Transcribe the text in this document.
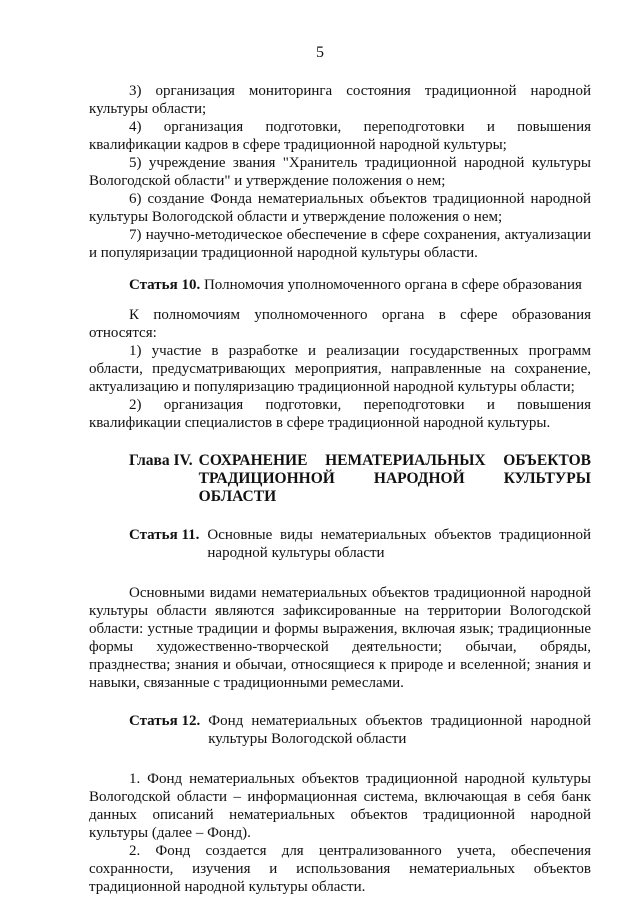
5

3) организация мониторинга состояния традиционной народной культуры области;

4) организация подготовки, переподготовки и повышения квалификации кадров в сфере традиционной народной культуры;

5) учреждение звания "Хранитель традиционной народной культуры Вологодской области" и утверждение положения о нем;

6) создание Фонда нематериальных объектов традиционной народной культуры Вологодской области и утверждение положения о нем;

7) научно-методическое обеспечение в сфере сохранения, актуализации и популяризации традиционной народной культуры области.

Статья 10. Полномочия уполномоченного органа в сфере образования

К полномочиям уполномоченного органа в сфере образования относятся:

1) участие в разработке и реализации государственных программ области, предусматривающих мероприятия, направленные на сохранение, актуализацию и популяризацию традиционной народной культуры области;

2) организация подготовки, переподготовки и повышения квалификации специалистов в сфере традиционной народной культуры.

Глава IV. СОХРАНЕНИЕ НЕМАТЕРИАЛЬНЫХ ОБЪЕКТОВ ТРАДИЦИОННОЙ НАРОДНОЙ КУЛЬТУРЫ ОБЛАСТИ
Статья 11. Основные виды нематериальных объектов традиционной народной культуры области

Основными видами нематериальных объектов традиционной народной культуры области являются зафиксированные на территории Вологодской области: устные традиции и формы выражения, включая язык; традиционные формы художественно-творческой деятельности; обычаи, обряды, празднества; знания и обычаи, относящиеся к природе и вселенной; знания и навыки, связанные с традиционными ремеслами.

Статья 12. Фонд нематериальных объектов традиционной народной культуры Вологодской области

1. Фонд нематериальных объектов традиционной народной культуры Вологодской области – информационная система, включающая в себя банк данных описаний нематериальных объектов традиционной народной культуры (далее – Фонд).

2. Фонд создается для централизованного учета, обеспечения сохранности, изучения и использования нематериальных объектов традиционной народной культуры области.
